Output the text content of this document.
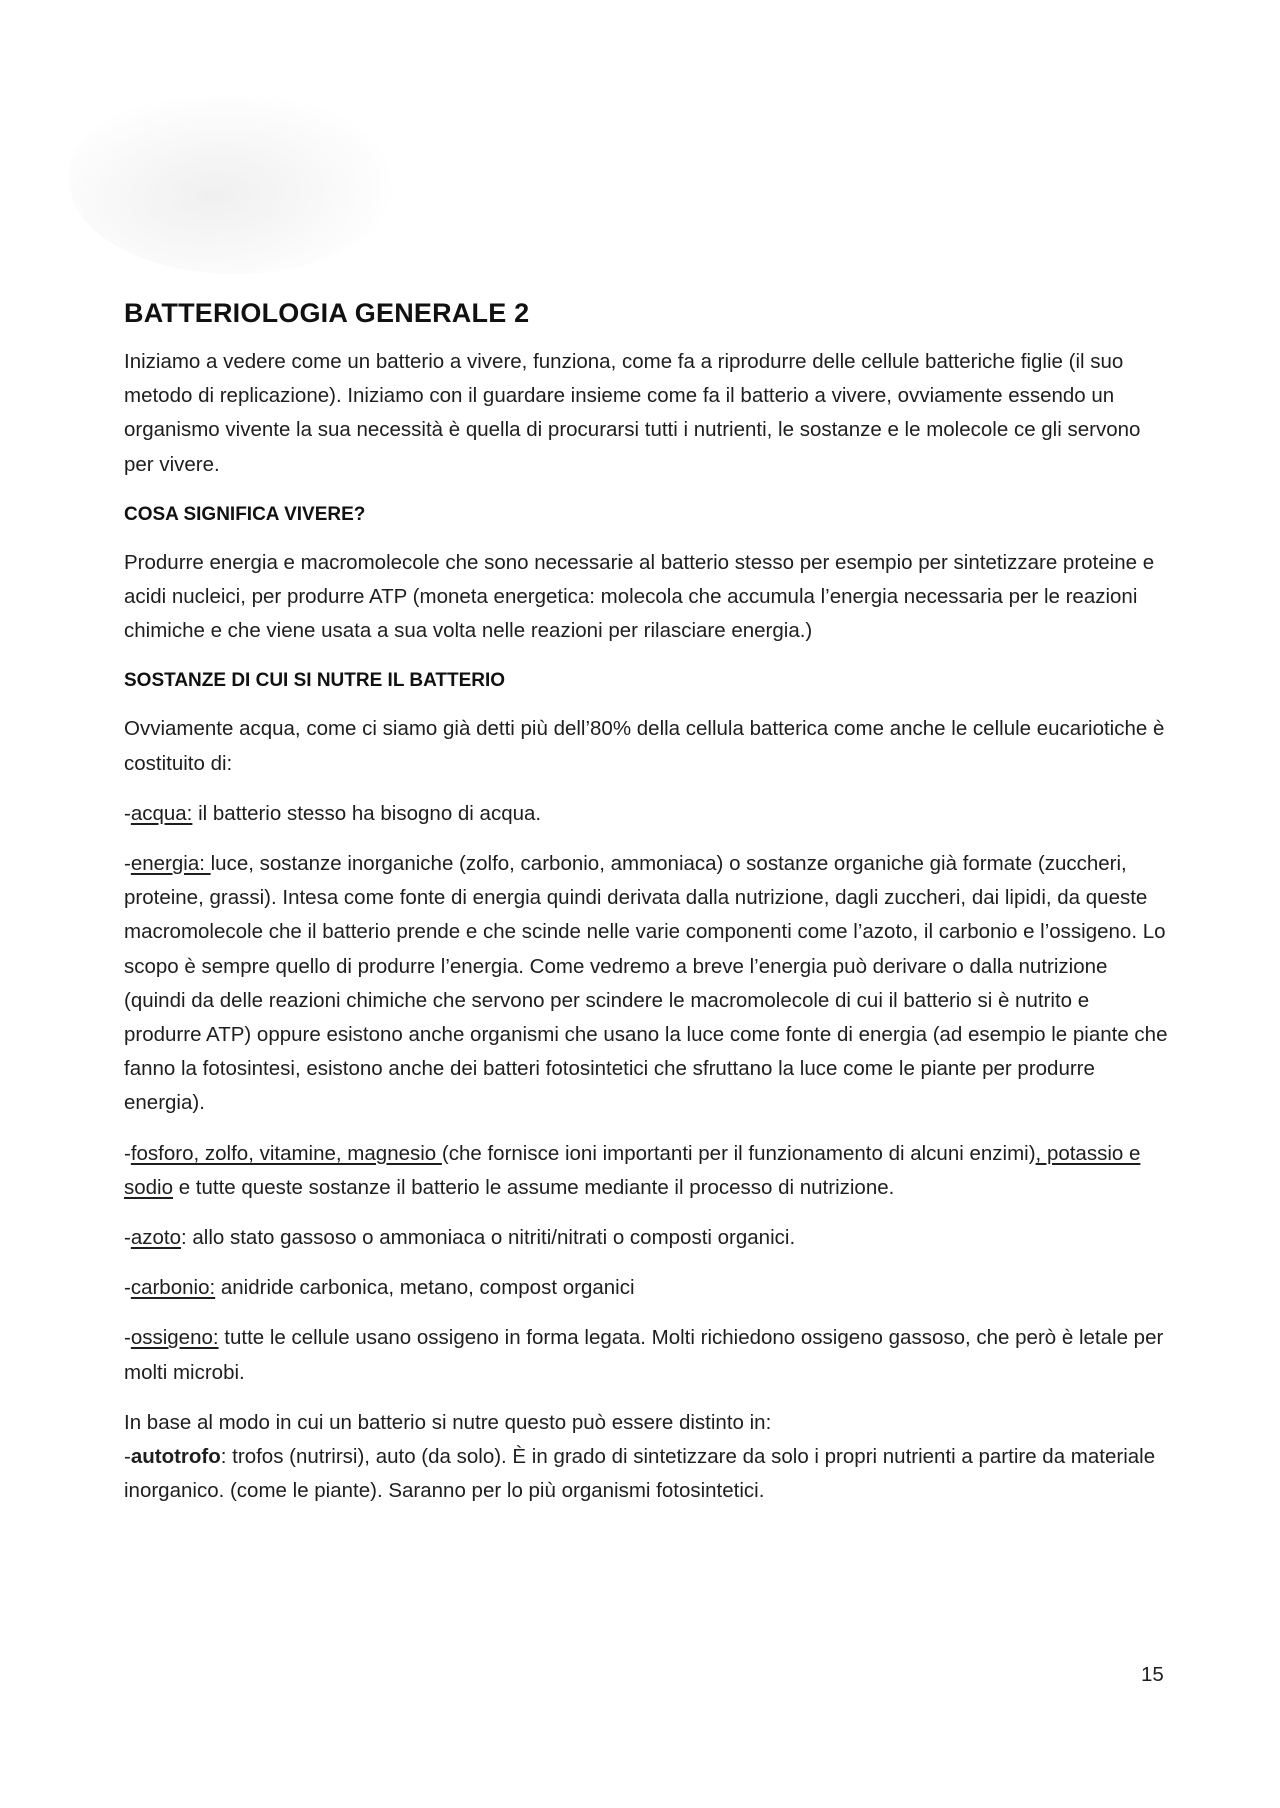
BATTERIOLOGIA GENERALE 2

Iniziamo a vedere come un batterio a vivere, funziona, come fa a riprodurre delle cellule batteriche figlie (il suo metodo di replicazione). Iniziamo con il guardare insieme come fa il batterio a vivere, ovviamente essendo un organismo vivente la sua necessità è quella di procurarsi tutti i nutrienti, le sostanze e le molecole ce gli servono per vivere.

COSA SIGNIFICA VIVERE?

Produrre energia e macromolecole che sono necessarie al batterio stesso per esempio per sintetizzare proteine e acidi nucleici, per produrre ATP (moneta energetica: molecola che accumula l’energia necessaria per le reazioni chimiche e che viene usata a sua volta nelle reazioni per rilasciare energia.)

SOSTANZE DI CUI SI NUTRE IL BATTERIO

Ovviamente acqua, come ci siamo già detti più dell’80% della cellula batterica come anche le cellule eucariotiche è costituito di:

-acqua: il batterio stesso ha bisogno di acqua.

-energia: luce, sostanze inorganiche (zolfo, carbonio, ammoniaca) o sostanze organiche già formate (zuccheri, proteine, grassi). Intesa come fonte di energia quindi derivata dalla nutrizione, dagli zuccheri, dai lipidi, da queste macromolecole che il batterio prende e che scinde nelle varie componenti come l’azoto, il carbonio e l’ossigeno. Lo scopo è sempre quello di produrre l’energia. Come vedremo a breve l’energia può derivare o dalla nutrizione (quindi da delle reazioni chimiche che servono per scindere le macromolecole di cui il batterio si è nutrito e produrre ATP) oppure esistono anche organismi che usano la luce come fonte di energia (ad esempio le piante che fanno la fotosintesi, esistono anche dei batteri fotosintetici che sfruttano la luce come le piante per produrre energia).

-fosforo, zolfo, vitamine, magnesio (che fornisce ioni importanti per il funzionamento di alcuni enzimi), potassio e sodio e tutte queste sostanze il batterio le assume mediante il processo di nutrizione.

-azoto: allo stato gassoso o ammoniaca o nitriti/nitrati o composti organici.

-carbonio: anidride carbonica, metano, compost organici

-ossigeno: tutte le cellule usano ossigeno in forma legata. Molti richiedono ossigeno gassoso, che però è letale per molti microbi.

In base al modo in cui un batterio si nutre questo può essere distinto in:

-autotrofo: trofos (nutrirsi), auto (da solo). È in grado di sintetizzare da solo i propri nutrienti a partire da materiale inorganico. (come le piante). Saranno per lo più organismi fotosintetici.

15
